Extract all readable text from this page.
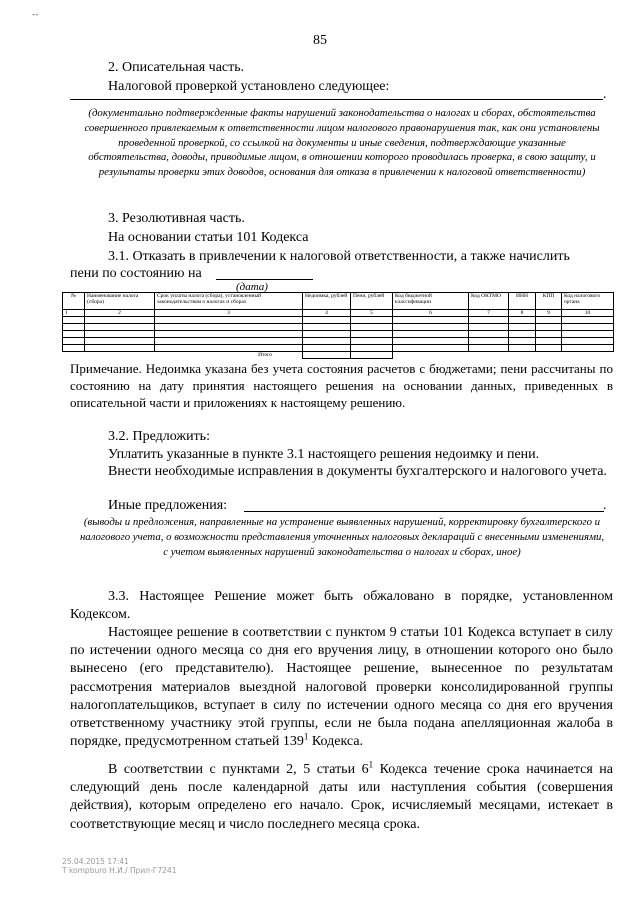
--
85
2. Описательная часть.
Налоговой проверкой установлено следующее:
.
(документально подтвержденные факты нарушений законодательства о налогах и сборах, обстоятельства совершенного привлекаемым к ответственности лицом налогового правонарушения так, как они установлены проведенной проверкой, со ссылкой на документы и иные сведения, подтверждающие указанные обстоятельства, доводы, приводимые лицом, в отношении которого проводилась проверка, в свою защиту, и результаты проверки этих доводов, основания для отказа в привлечении к налоговой ответственности)
3. Резолютивная часть.
На основании статьи 101 Кодекса
3.1. Отказать в привлечении к налоговой ответственности, а также начислить
пени по состоянию на
(дата)
№	Наименование налога (сбора)	Срок уплаты налога (сбора), установленный законодательством о налогах и сборах	Недоимка, рублей	Пени, рублей	Код бюджетной классификации	Код ОКТМО	ИНН	КПП	Код налогового органа
1	2	3	4	5	6	7	8	9	10

Итого									
Примечание. Недоимка указана без учета состояния расчетов с бюджетами; пени рассчитаны по состоянию на дату принятия настоящего решения на основании данных, приведенных в описательной части и приложениях к настоящему решению.
3.2. Предложить:
Уплатить указанные в пункте 3.1 настоящего решения недоимку и пени.
Внести необходимые исправления в документы бухгалтерского и налогового учета.
Иные предложения:	.
(выводы и предложения, направленные на устранение выявленных нарушений, корректировку бухгалтерского и налогового учета, о возможности представления уточненных налоговых деклараций с внесенными изменениями, с учетом выявленных нарушений законодательства о налогах и сборах, иное)
3.3. Настоящее Решение может быть обжаловано в порядке, установленном Кодексом.
Настоящее решение в соответствии с пунктом 9 статьи 101 Кодекса вступает в силу по истечении одного месяца со дня его вручения лицу, в отношении которого оно было вынесено (его представителю). Настоящее решение, вынесенное по результатам рассмотрения материалов выездной налоговой проверки консолидированной группы налогоплательщиков, вступает в силу по истечении одного месяца со дня его вручения ответственному участнику этой группы, если не была подана апелляционная жалоба в порядке, предусмотренном статьей $139^1$ Кодекса.
В соответствии с пунктами 2, 5 статьи $6^1$ Кодекса течение срока начинается на следующий день после календарной даты или наступления события (совершения действия), которым определено его начало. Срок, исчисляемый месяцами, истекает в соответствующие месяц и число последнего месяца срока.
25.04.2015 17:41
Т kompburo Н.И./ Прил-Г7241
